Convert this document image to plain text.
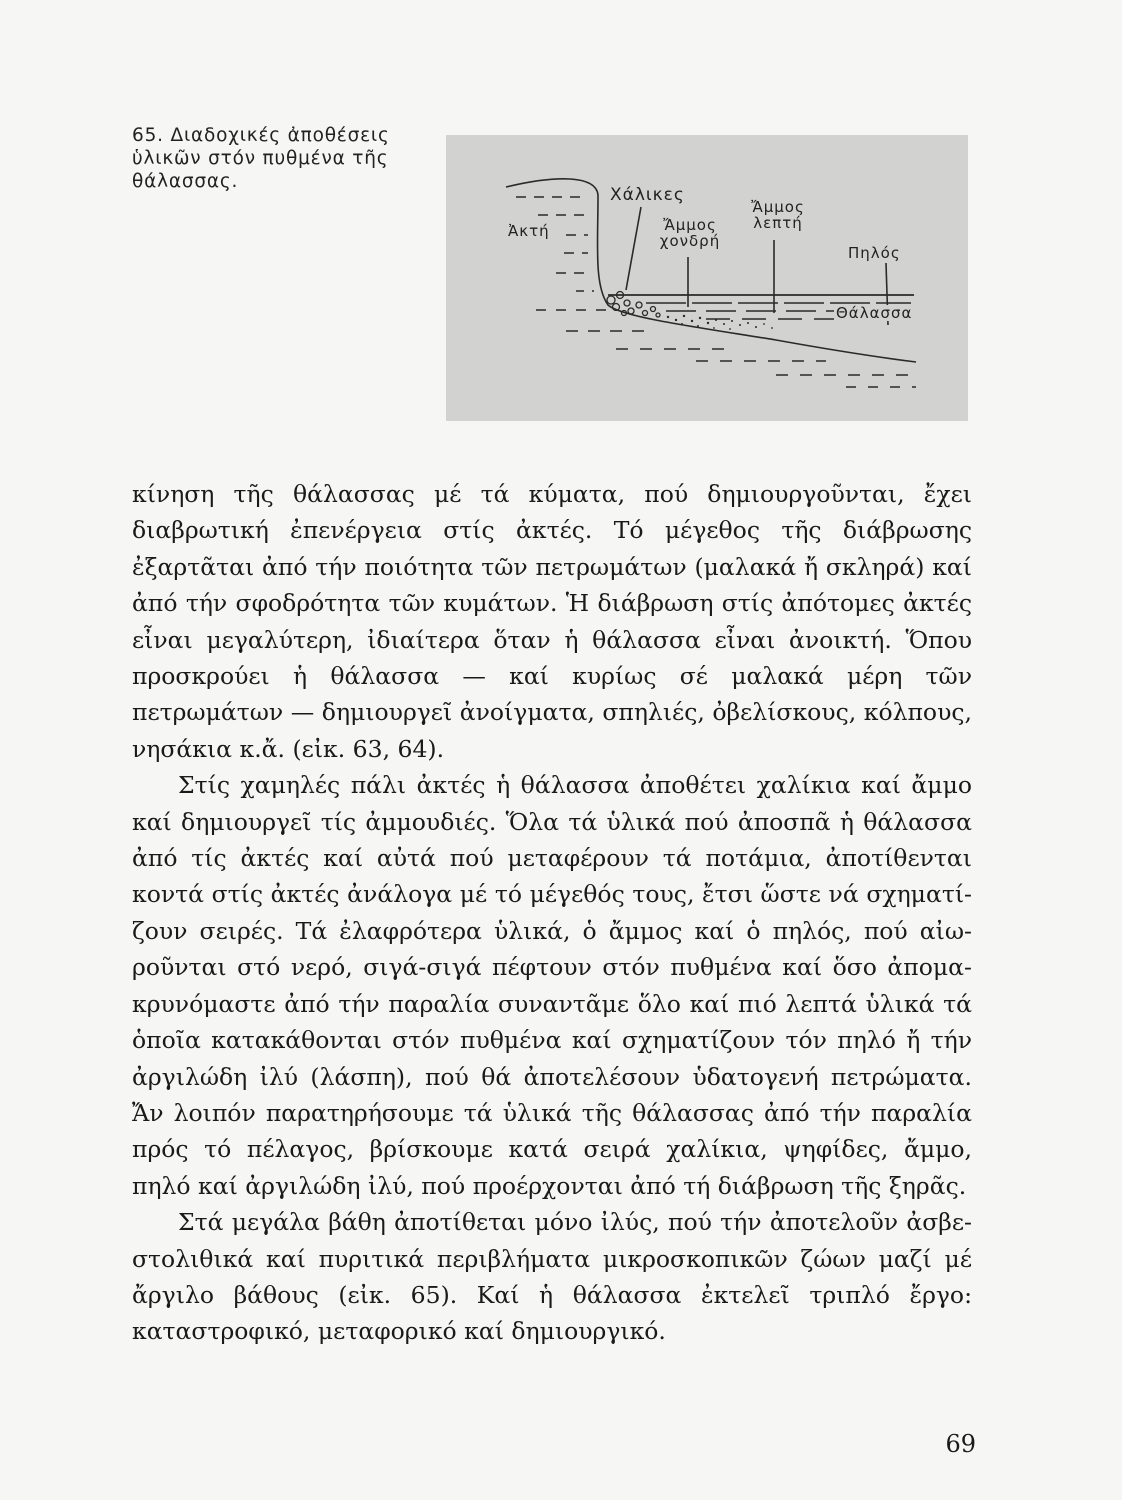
65. Διαδοχικές ἀποθέσεις ὑλικῶν στόν πυθμένα τῆς θάλασσας.

Ἀκτή

Χάλικες

Ἄμμος χονδρή

Ἄμμος λεπτή

Πηλός

Θάλασσα

κίνηση τῆς θάλασσας μέ τά κύματα, πού δημιουργοῦνται, ἔχει διαβρωτική ἐπενέργεια στίς ἀκτές. Τό μέγεθος τῆς διάβρωσης ἐξαρτᾶται ἀπό τήν ποιότητα τῶν πετρωμάτων (μαλακά ἤ σκληρά) καί ἀπό τήν σφοδρότητα τῶν κυμάτων. Ἡ διάβρωση στίς ἀπότομες ἀκτές εἶναι μεγαλύτερη, ἰδιαίτερα ὅταν ἡ θάλασσα εἶναι ἀνοικτή. Ὅπου προσκρούει ἡ θάλασσα — καί κυρίως σέ μαλακά μέρη τῶν πετρωμάτων — δημιουργεῖ ἀνοίγματα, σπηλιές, ὀβελίσκους, κόλπους, νησάκια κ.ἄ. (εἰκ. 63, 64).

Στίς χαμηλές πάλι ἀκτές ἡ θάλασσα ἀποθέτει χαλίκια καί ἄμμο καί δημιουργεῖ τίς ἀμμουδιές. Ὅλα τά ὑλικά πού ἀποσπᾶ ἡ θάλασσα ἀπό τίς ἀκτές καί αὐτά πού μεταφέρουν τά ποτάμια, ἀποτίθενται κοντά στίς ἀκτές ἀνάλογα μέ τό μέγεθός τους, ἔτσι ὥστε νά σχηματίζουν σειρές. Τά ἐλαφρότερα ὑλικά, ὁ ἄμμος καί ὁ πηλός, πού αἰωροῦνται στό νερό, σιγά-σιγά πέφτουν στόν πυθμένα καί ὅσο ἀπομακρυνόμαστε ἀπό τήν παραλία συναντᾶμε ὅλο καί πιό λεπτά ὑλικά τά ὁποῖα κατακάθονται στόν πυθμένα καί σχηματίζουν τόν πηλό ἤ τήν ἀργιλώδη ἰλύ (λάσπη), πού θά ἀποτελέσουν ὑδατογενή πετρώματα. Ἄν λοιπόν παρατηρήσουμε τά ὑλικά τῆς θάλασσας ἀπό τήν παραλία πρός τό πέλαγος, βρίσκουμε κατά σειρά χαλίκια, ψηφίδες, ἄμμο, πηλό καί ἀργιλώδη ἰλύ, πού προέρχονται ἀπό τή διάβρωση τῆς ξηρᾶς.

Στά μεγάλα βάθη ἀποτίθεται μόνο ἰλύς, πού τήν ἀποτελοῦν ἀσβεστολιθικά καί πυριτικά περιβλήματα μικροσκοπικῶν ζώων μαζί μέ ἄργιλο βάθους (εἰκ. 65). Καί ἡ θάλασσα ἐκτελεῖ τριπλό ἔργο: καταστροφικό, μεταφορικό καί δημιουργικό.

69
